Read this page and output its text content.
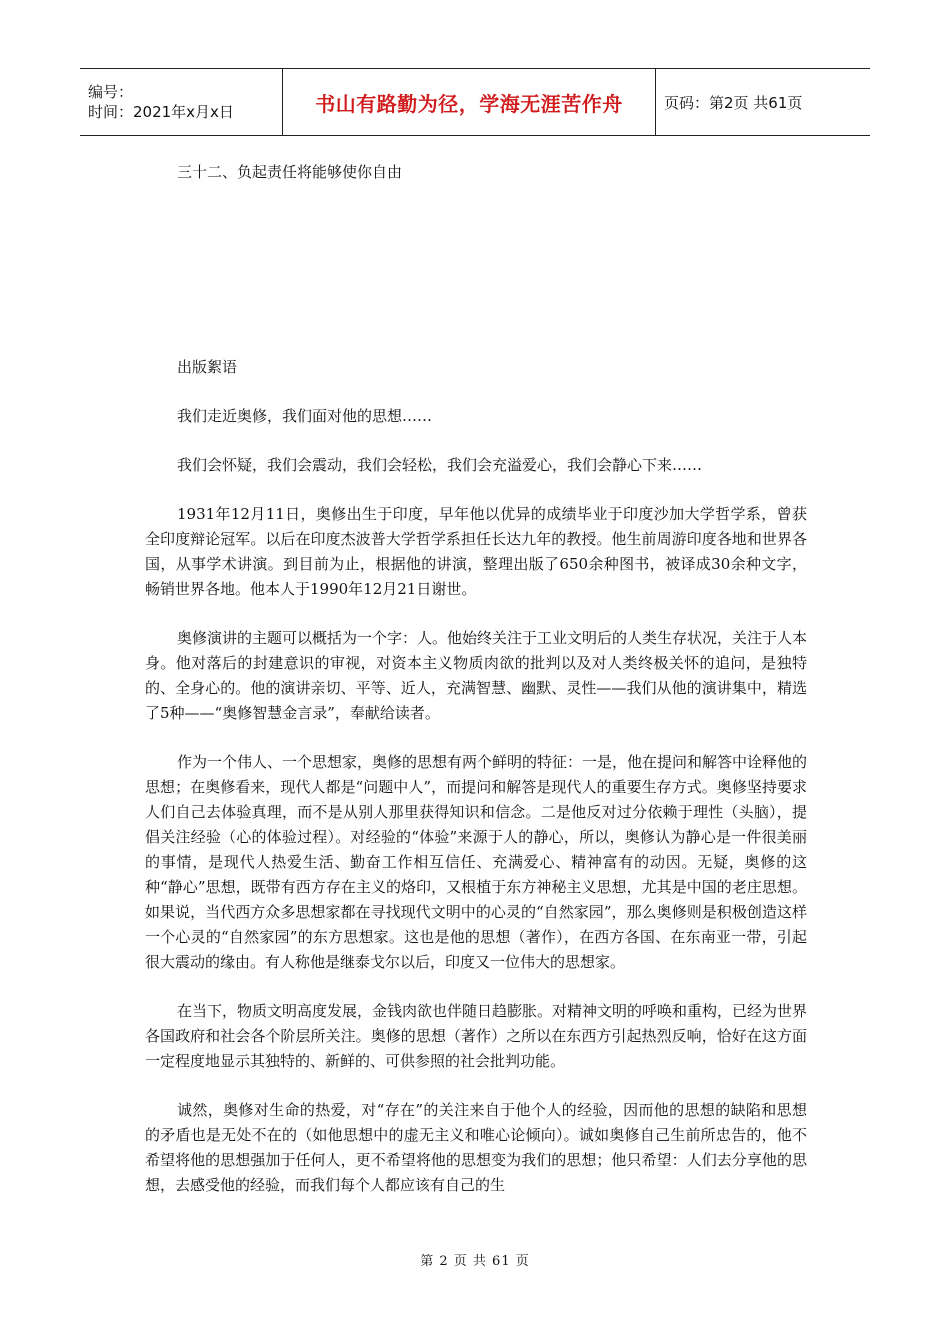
编号：
时间：2021年x月x日	书山有路勤为径，学海无涯苦作舟	页码：第2页 共61页

三十二、负起责任将能够使你自由

出版絮语

我们走近奥修，我们面对他的思想……

我们会怀疑，我们会震动，我们会轻松，我们会充溢爱心，我们会静心下来……

1931年12月11日，奥修出生于印度，早年他以优异的成绩毕业于印度沙加大学哲学系，曾获全印度辩论冠军。以后在印度杰波普大学哲学系担任长达九年的教授。他生前周游印度各地和世界各国，从事学术讲演。到目前为止，根据他的讲演，整理出版了650余种图书，被译成30余种文字，畅销世界各地。他本人于1990年12月21日谢世。

奥修演讲的主题可以概括为一个字：人。他始终关注于工业文明后的人类生存状况，关注于人本身。他对落后的封建意识的审视，对资本主义物质肉欲的批判以及对人类终极关怀的追问，是独特的、全身心的。他的演讲亲切、平等、近人，充满智慧、幽默、灵性——我们从他的演讲集中，精选了5种——“奥修智慧金言录”，奉献给读者。

作为一个伟人、一个思想家，奥修的思想有两个鲜明的特征：一是，他在提问和解答中诠释他的思想；在奥修看来，现代人都是“问题中人”，而提问和解答是现代人的重要生存方式。奥修坚持要求人们自己去体验真理，而不是从别人那里获得知识和信念。二是他反对过分依赖于理性（头脑），提倡关注经验（心的体验过程）。对经验的“体验”来源于人的静心，所以，奥修认为静心是一件很美丽的事情，是现代人热爱生活、勤奋工作相互信任、充满爱心、精神富有的动因。无疑，奥修的这种“静心”思想，既带有西方存在主义的烙印，又根植于东方神秘主义思想，尤其是中国的老庄思想。如果说，当代西方众多思想家都在寻找现代文明中的心灵的“自然家园”，那么奥修则是积极创造这样一个心灵的“自然家园”的东方思想家。这也是他的思想（著作），在西方各国、在东南亚一带，引起很大震动的缘由。有人称他是继泰戈尔以后，印度又一位伟大的思想家。

在当下，物质文明高度发展，金钱肉欲也伴随日趋膨胀。对精神文明的呼唤和重构，已经为世界各国政府和社会各个阶层所关注。奥修的思想（著作）之所以在东西方引起热烈反响，恰好在这方面一定程度地显示其独特的、新鲜的、可供参照的社会批判功能。

诚然，奥修对生命的热爱，对“存在”的关注来自于他个人的经验，因而他的思想的缺陷和思想的矛盾也是无处不在的（如他思想中的虚无主义和唯心论倾向）。诚如奥修自己生前所忠告的，他不希望将他的思想强加于任何人，更不希望将他的思想变为我们的思想；他只希望：人们去分享他的思想，去感受他的经验，而我们每个人都应该有自己的生

第 2 页 共 61 页
